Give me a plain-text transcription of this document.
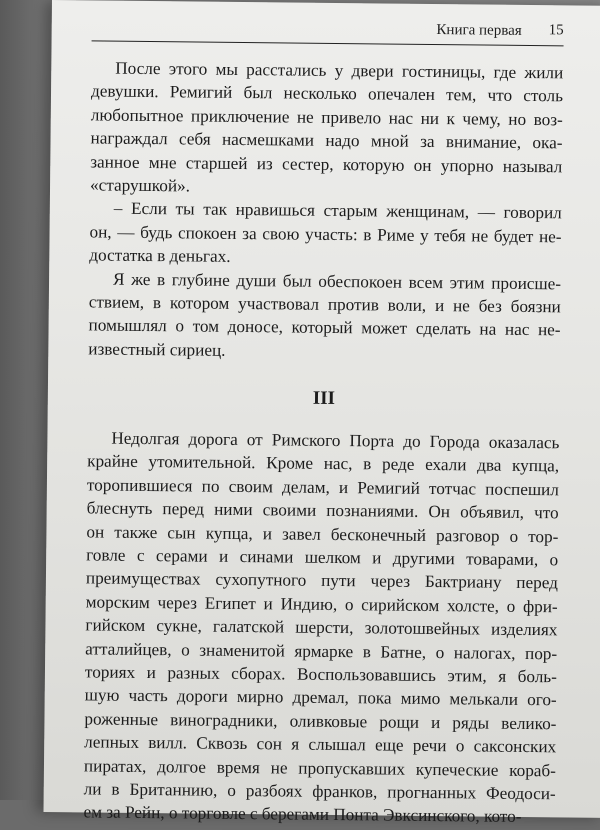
Книга первая 15
После этого мы расстались у двери гостиницы, где жили
девушки. Ремигий был несколько опечален тем, что столь
любопытное приключение не привело нас ни к чему, но воз-
награждал себя насмешками надо мной за внимание, ока-
занное мне старшей из сестер, которую он упорно называл
«старушкой».
– Если ты так нравишься старым женщинам, — говорил
он, — будь спокоен за свою участь: в Риме у тебя не будет не-
достатка в деньгах.
Я же в глубине души был обеспокоен всем этим происше-
ствием, в котором участвовал против воли, и не без боязни
помышлял о том доносе, который может сделать на нас не-
известный сириец.
III
Недолгая дорога от Римского Порта до Города оказалась
крайне утомительной. Кроме нас, в реде ехали два купца,
торопившиеся по своим делам, и Ремигий тотчас поспешил
блеснуть перед ними своими познаниями. Он объявил, что
он также сын купца, и завел бесконечный разговор о тор-
говле с серами и синами шелком и другими товарами, о
преимуществах сухопутного пути через Бактриану перед
морским через Египет и Индию, о сирийском холсте, о фри-
гийском сукне, галатской шерсти, золотошвейных изделиях
атталийцев, о знаменитой ярмарке в Батне, о налогах, пор-
ториях и разных сборах. Воспользовавшись этим, я боль-
шую часть дороги мирно дремал, пока мимо мелькали ого-
роженные виноградники, оливковые рощи и ряды велико-
лепных вилл. Сквозь сон я слышал еще речи о саксонских
пиратах, долгое время не пропускавших купеческие кораб-
ли в Британнию, о разбоях франков, прогнанных Феодоси-
ем за Рейн, о торговле с берегами Понта Эвксинского, кото-
